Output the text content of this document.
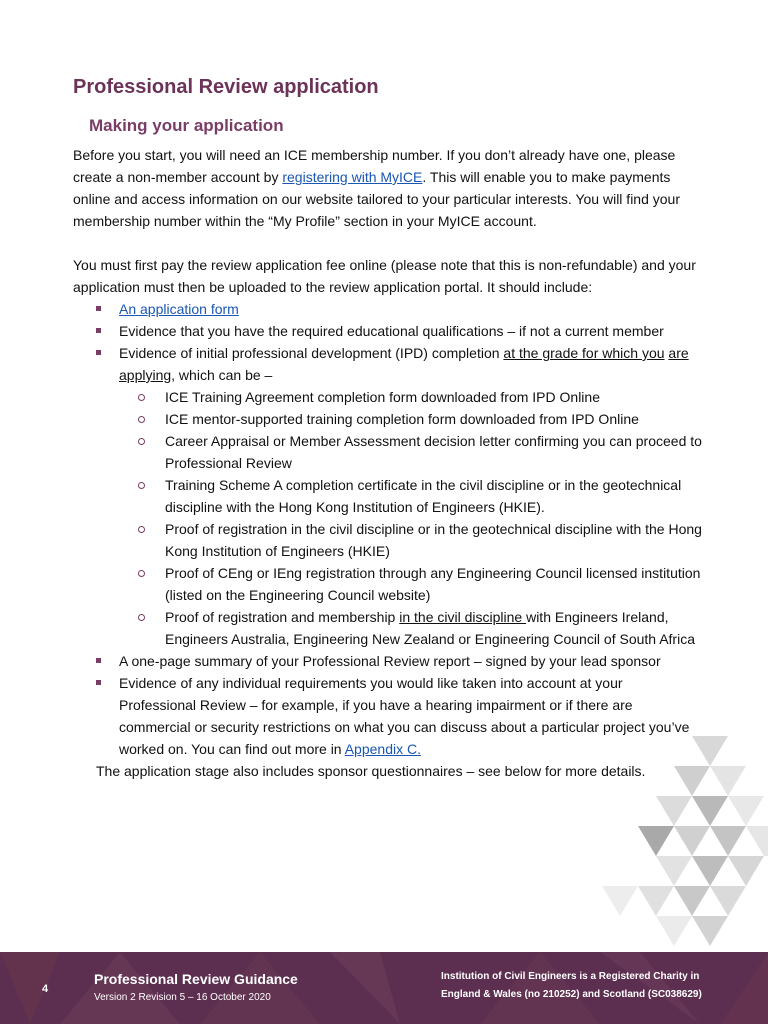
Professional Review application
Making your application

Before you start, you will need an ICE membership number. If you don’t already have one, please create a non-member account by registering with MyICE. This will enable you to make payments online and access information on our website tailored to your particular interests. You will find your membership number within the “My Profile” section in your MyICE account.

You must first pay the review application fee online (please note that this is non-refundable) and your application must then be uploaded to the review application portal. It should include:

An application form
Evidence that you have the required educational qualifications – if not a current member
Evidence of initial professional development (IPD) completion at the grade for which you are applying, which can be –
ICE Training Agreement completion form downloaded from IPD Online
ICE mentor-supported training completion form downloaded from IPD Online
Career Appraisal or Member Assessment decision letter confirming you can proceed to Professional Review
Training Scheme A completion certificate in the civil discipline or in the geotechnical discipline with the Hong Kong Institution of Engineers (HKIE).
Proof of registration in the civil discipline or in the geotechnical discipline with the Hong Kong Institution of Engineers (HKIE)
Proof of CEng or IEng registration through any Engineering Council licensed institution (listed on the Engineering Council website)
Proof of registration and membership in the civil discipline with Engineers Ireland, Engineers Australia, Engineering New Zealand or Engineering Council of South Africa
A one-page summary of your Professional Review report – signed by your lead sponsor
Evidence of any individual requirements you would like taken into account at your Professional Review – for example, if you have a hearing impairment or if there are commercial or security restrictions on what you can discuss about a particular project you’ve worked on. You can find out more in Appendix C.

The application stage also includes sponsor questionnaires – see below for more details.

4
Professional Review Guidance
Version 2 Revision 5 – 16 October 2020
Institution of Civil Engineers is a Registered Charity in
England & Wales (no 210252) and Scotland (SC038629)
